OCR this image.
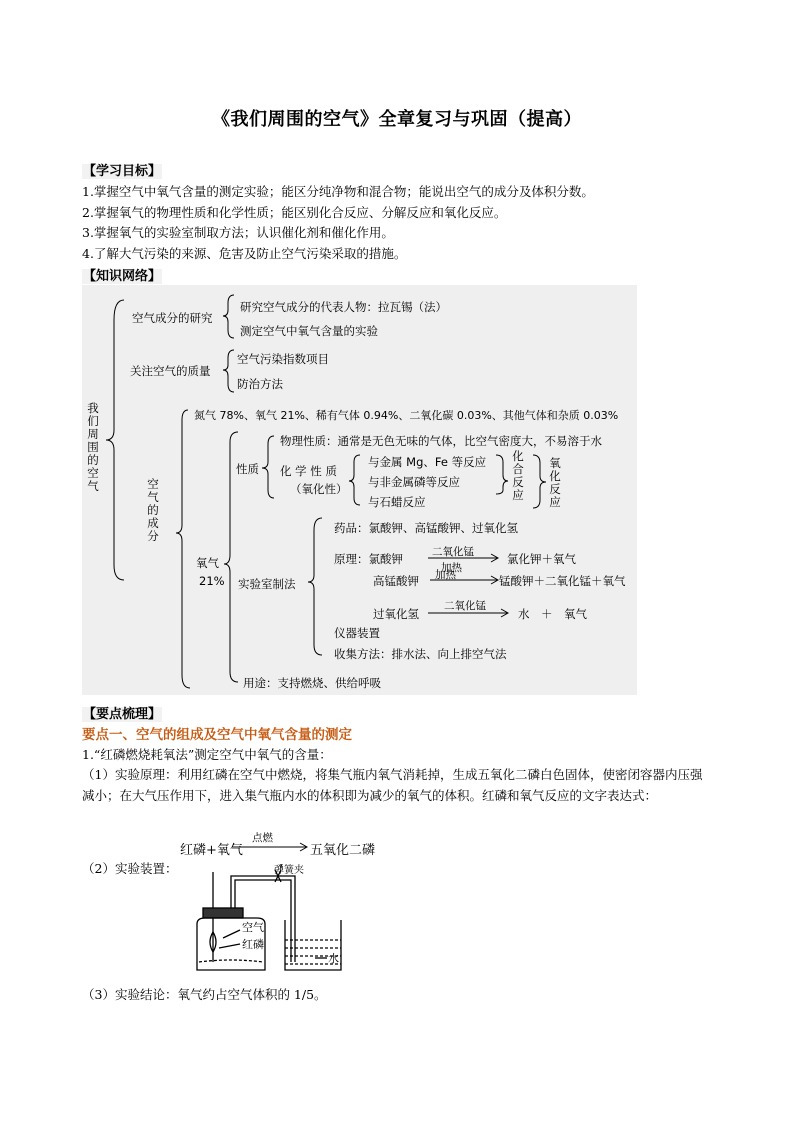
《我们周围的空气》全章复习与巩固（提高）
【学习目标】
1.掌握空气中氧气含量的测定实验；能区分纯净物和混合物；能说出空气的成分及体积分数。
2.掌握氧气的物理性质和化学性质；能区别化合反应、分解反应和氧化反应。
3.掌握氧气的实验室制取方法；认识催化剂和催化作用。
4.了解大气污染的来源、危害及防止空气污染采取的措施。
【知识网络】
我们周围的空气
空气成分的研究
研究空气成分的代表人物：拉瓦锡（法）
测定空气中氧气含量的实验
关注空气的质量
空气污染指数项目
防治方法
空气的成分
氮气 78%、氧气 21%、稀有气体 0.94%、二氧化碳 0.03%、其他气体和杂质 0.03%
氧气
21%
性质
物理性质：通常是无色无味的气体，比空气密度大，不易溶于水
化 学 性 质
（氧化性）
与金属 Mg、Fe 等反应
与非金属磷等反应
与石蜡反应
化合反应
氧化反应
实验室制法
药品：氯酸钾、高锰酸钾、过氧化氢
原理：氯酸钾	二氧化锰
加热
氯化钾＋氧气
高锰酸钾 加热	锰酸钾＋二氧化锰＋氧气
过氧化氢
二氧化锰
水　＋　氧气
仪器装置
收集方法：排水法、向上排空气法
用途：支持燃烧、供给呼吸
【要点梳理】
要点一、空气的组成及空气中氧气含量的测定
1.“红磷燃烧耗氧法”测定空气中氧气的含量：
（1）实验原理：利用红磷在空气中燃烧，将集气瓶内氧气消耗掉，生成五氧化二磷白色固体，使密闭容器内压强减小；在大气压作用下，进入集气瓶内水的体积即为减少的氧气的体积。红磷和氧气反应的文字表达式：
红磷+氧气
点燃
五氧化二磷
（2）实验装置：	弹簧夹
空气
红磷
水
（3）实验结论：氧气约占空气体积的 1/5。
